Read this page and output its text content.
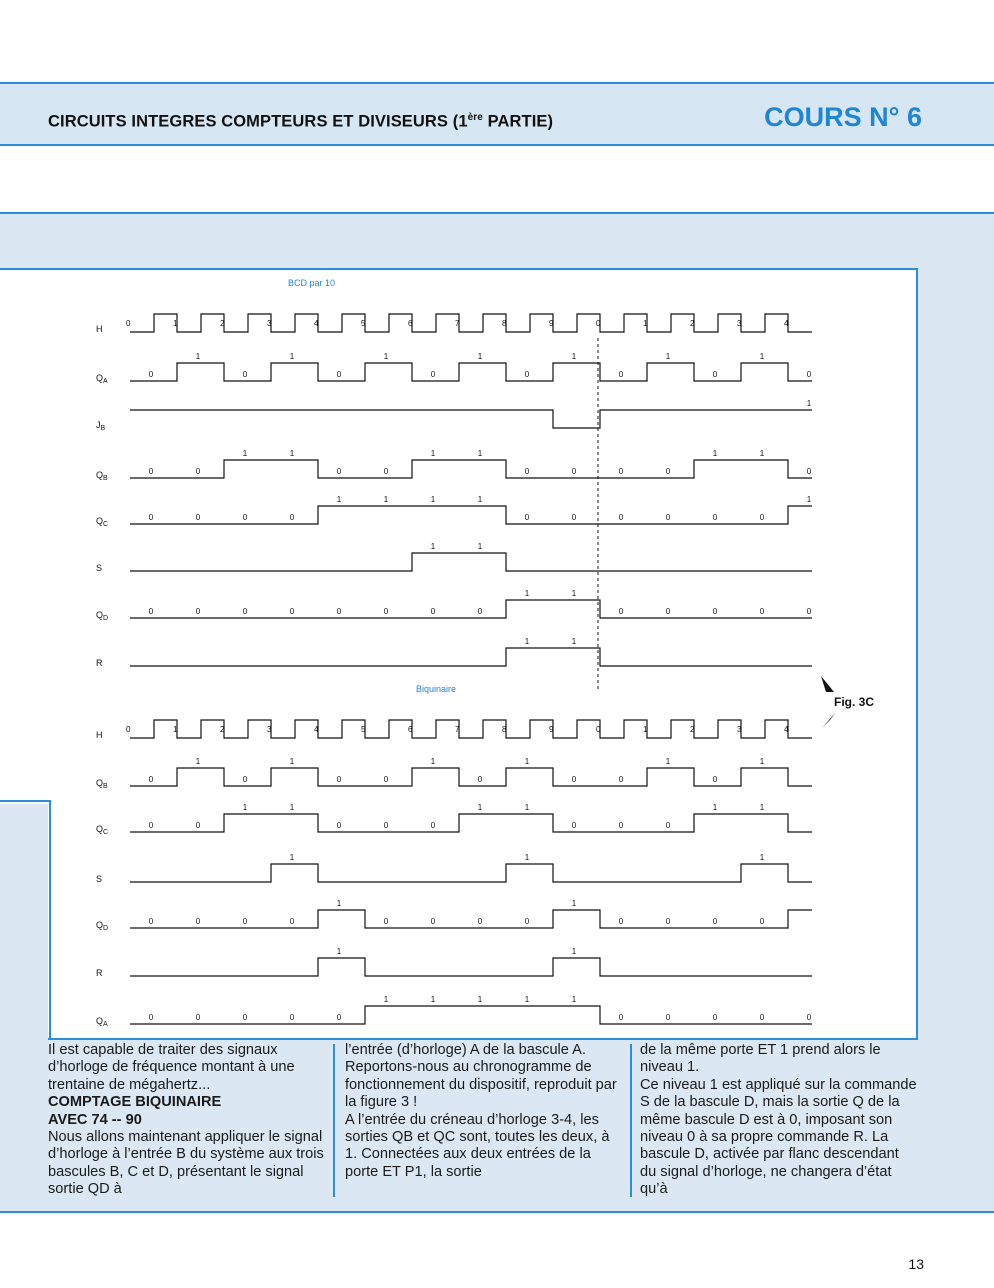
CIRCUITS INTEGRES COMPTEURS ET DIVISEURS (1ère PARTIE)	COURS N° 6
BCD par 10
Biquinaire
Fig. 3C
H
0	1	2	3	4	5	6	7	8	9	0	1	2	3	4
$Q_A$
0
1
0
1
0
1
0
1
0
1
0
1
0
1
0
$J_B$
1
$Q_B$
0	0
1	1
0	0
1	1
0	0	0	0
1	1
0
$Q_C$
0	0	0	0
1	1	1	1
0	0	0	0	0	0
1
S
1	1
$Q_D$
0	0	0	0	0	0	0	0
1	1
0	0	0	0	0
R
1	1
H
0	1	2	3	4	5	6	7	8	9	0	1	2	3	4
$Q_B$
0
1
0
1
0	0
1
0
1
0	0
1
0
1
$Q_C$
0	0
1	1
0	0	0
1	1
0	0	0
1	1
S
1	1	1
$Q_D$
0	0	0	0
1
0	0	0	0
1
0	0	0	0
R
1	1
$Q_A$
0	0	0	0	0
1	1	1	1	1
0	0	0	0	0

Il est capable de traiter des signaux d’horloge de fréquence montant à une trentaine de mégahertz...

COMPTAGE BIQUINAIRE

AVEC 74 -- 90

Nous allons maintenant appliquer le signal d’horloge à l’entrée B du système aux trois bascules B, C et D, présentant le signal sortie QD à

l’entrée (d’horloge) A de la bascule A.

Reportons-nous au chronogramme de fonctionnement du dispositif, reproduit par la figure 3 !

A l’entrée du créneau d’horloge 3-4, les sorties QB et QC sont, toutes les deux, à 1. Connectées aux deux entrées de la porte ET P1, la sortie

de la même porte ET 1 prend alors le niveau 1.

Ce niveau 1 est appliqué sur la commande S de la bascule D, mais la sortie Q de la même bascule D est à 0, imposant son niveau 0 à sa propre commande R. La bascule D, activée par flanc descendant du signal d’horloge, ne changera d’état qu’à

13
